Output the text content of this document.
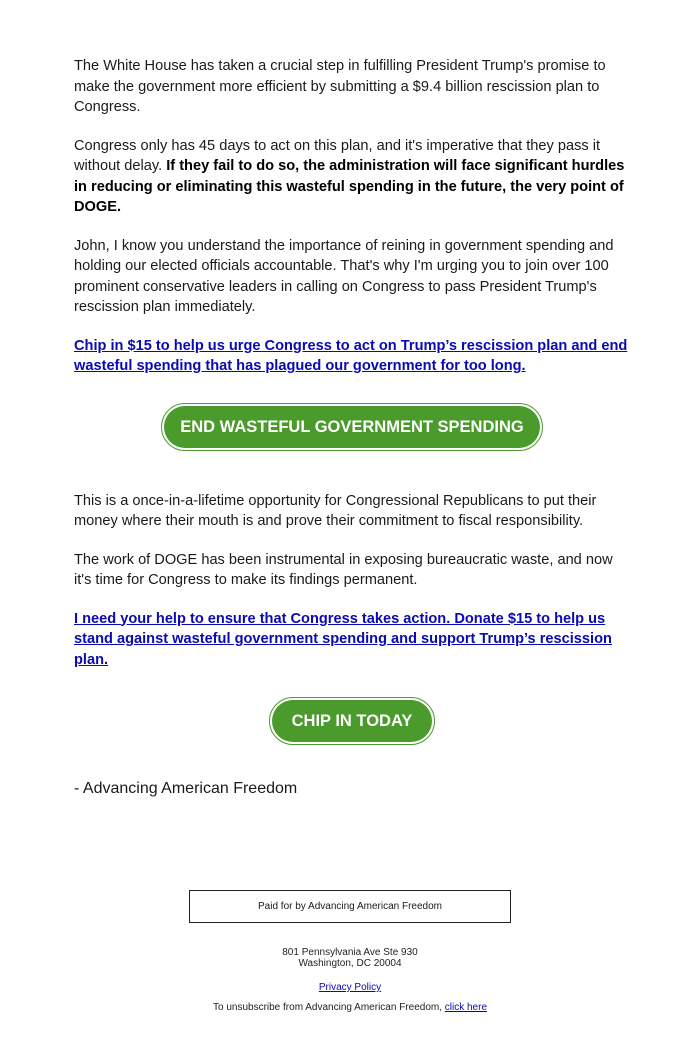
The White House has taken a crucial step in fulfilling President Trump's promise to make the government more efficient by submitting a $9.4 billion rescission plan to Congress.

Congress only has 45 days to act on this plan, and it's imperative that they pass it without delay. If they fail to do so, the administration will face significant hurdles in reducing or eliminating this wasteful spending in the future, the very point of DOGE.

John, I know you understand the importance of reining in government spending and holding our elected officials accountable. That's why I'm urging you to join over 100 prominent conservative leaders in calling on Congress to pass President Trump's rescission plan immediately.

Chip in $15 to help us urge Congress to act on Trump’s rescission plan and end wasteful spending that has plagued our government for too long.
END WASTEFUL GOVERNMENT SPENDING

This is a once-in-a-lifetime opportunity for Congressional Republicans to put their money where their mouth is and prove their commitment to fiscal responsibility.

The work of DOGE has been instrumental in exposing bureaucratic waste, and now it's time for Congress to make its findings permanent.

I need your help to ensure that Congress takes action. Donate $15 to help us stand against wasteful government spending and support Trump’s rescission plan.
CHIP IN TODAY

- Advancing American Freedom

Paid for by Advancing American Freedom
801 Pennsylvania Ave Ste 930
Washington, DC 20004
Privacy Policy
To unsubscribe from Advancing American Freedom, click here
